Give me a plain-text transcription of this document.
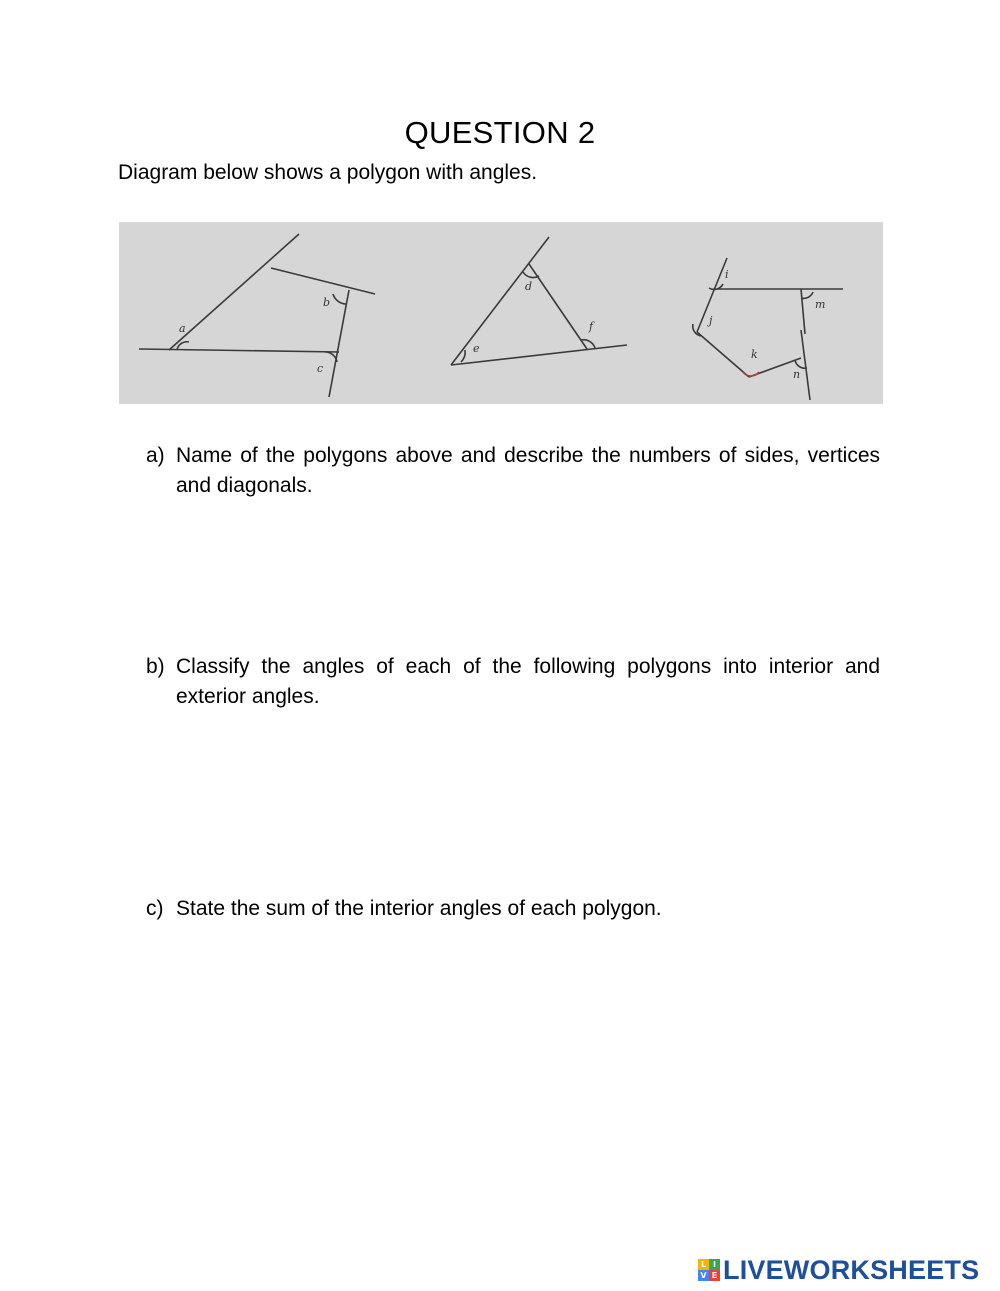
QUESTION 2
Diagram below shows a polygon with angles.
a
b
c
d
e
f
i
j
k
m
n
a) Name of the polygons above and describe the numbers of sides, vertices and diagonals.
b) Classify the angles of each of the following polygons into interior and exterior angles.
c) State the sum of the interior angles of each polygon.
L I
V E LIVEWORKSHEETS
